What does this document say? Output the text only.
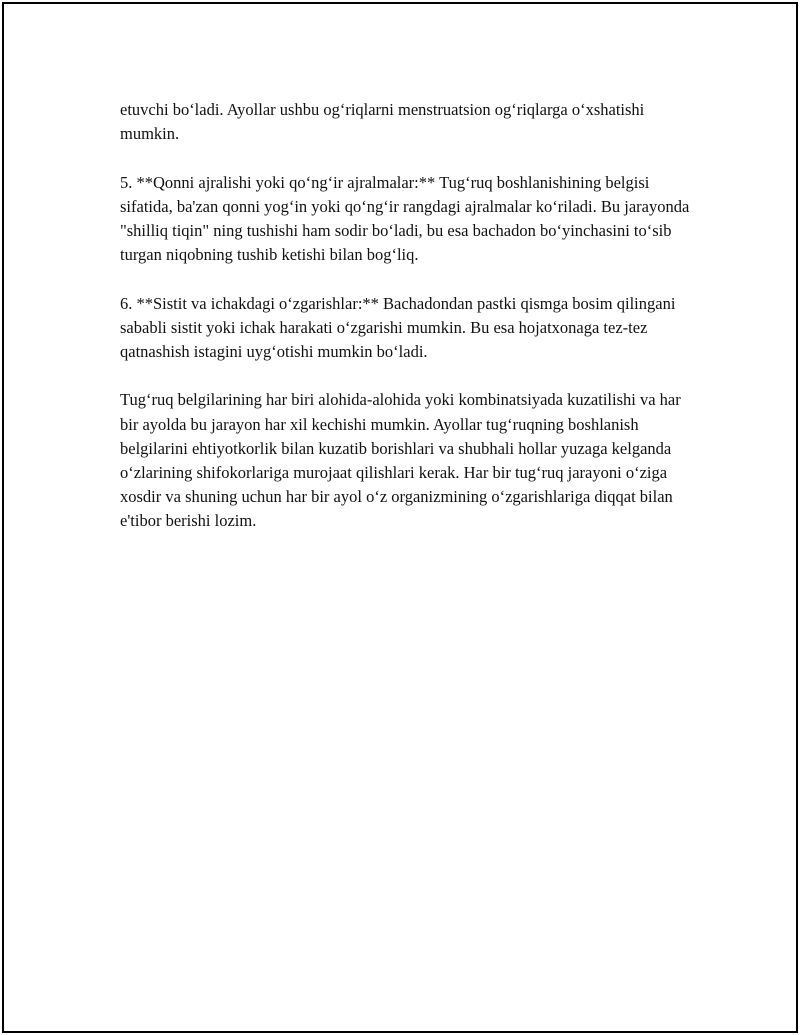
etuvchi bo‘ladi. Ayollar ushbu og‘riqlarni menstruatsion og‘riqlarga o‘xshatishi mumkin.

5. **Qonni ajralishi yoki qo‘ng‘ir ajralmalar:** Tug‘ruq boshlanishining belgisi sifatida, ba'zan qonni yog‘in yoki qo‘ng‘ir rangdagi ajralmalar ko‘riladi. Bu jarayonda "shilliq tiqin" ning tushishi ham sodir bo‘ladi, bu esa bachadon bo‘yinchasini to‘sib turgan niqobning tushib ketishi bilan bog‘liq.

6. **Sistit va ichakdagi o‘zgarishlar:** Bachadondan pastki qismga bosim qilingani sababli sistit yoki ichak harakati o‘zgarishi mumkin. Bu esa hojatxonaga tez-tez qatnashish istagini uyg‘otishi mumkin bo‘ladi.

Tug‘ruq belgilarining har biri alohida-alohida yoki kombinatsiyada kuzatilishi va har bir ayolda bu jarayon har xil kechishi mumkin. Ayollar tug‘ruqning boshlanish belgilarini ehtiyotkorlik bilan kuzatib borishlari va shubhali hollar yuzaga kelganda o‘zlarining shifokorlariga murojaat qilishlari kerak. Har bir tug‘ruq jarayoni o‘ziga xosdir va shuning uchun har bir ayol o‘z organizmining o‘zgarishlariga diqqat bilan e'tibor berishi lozim.
